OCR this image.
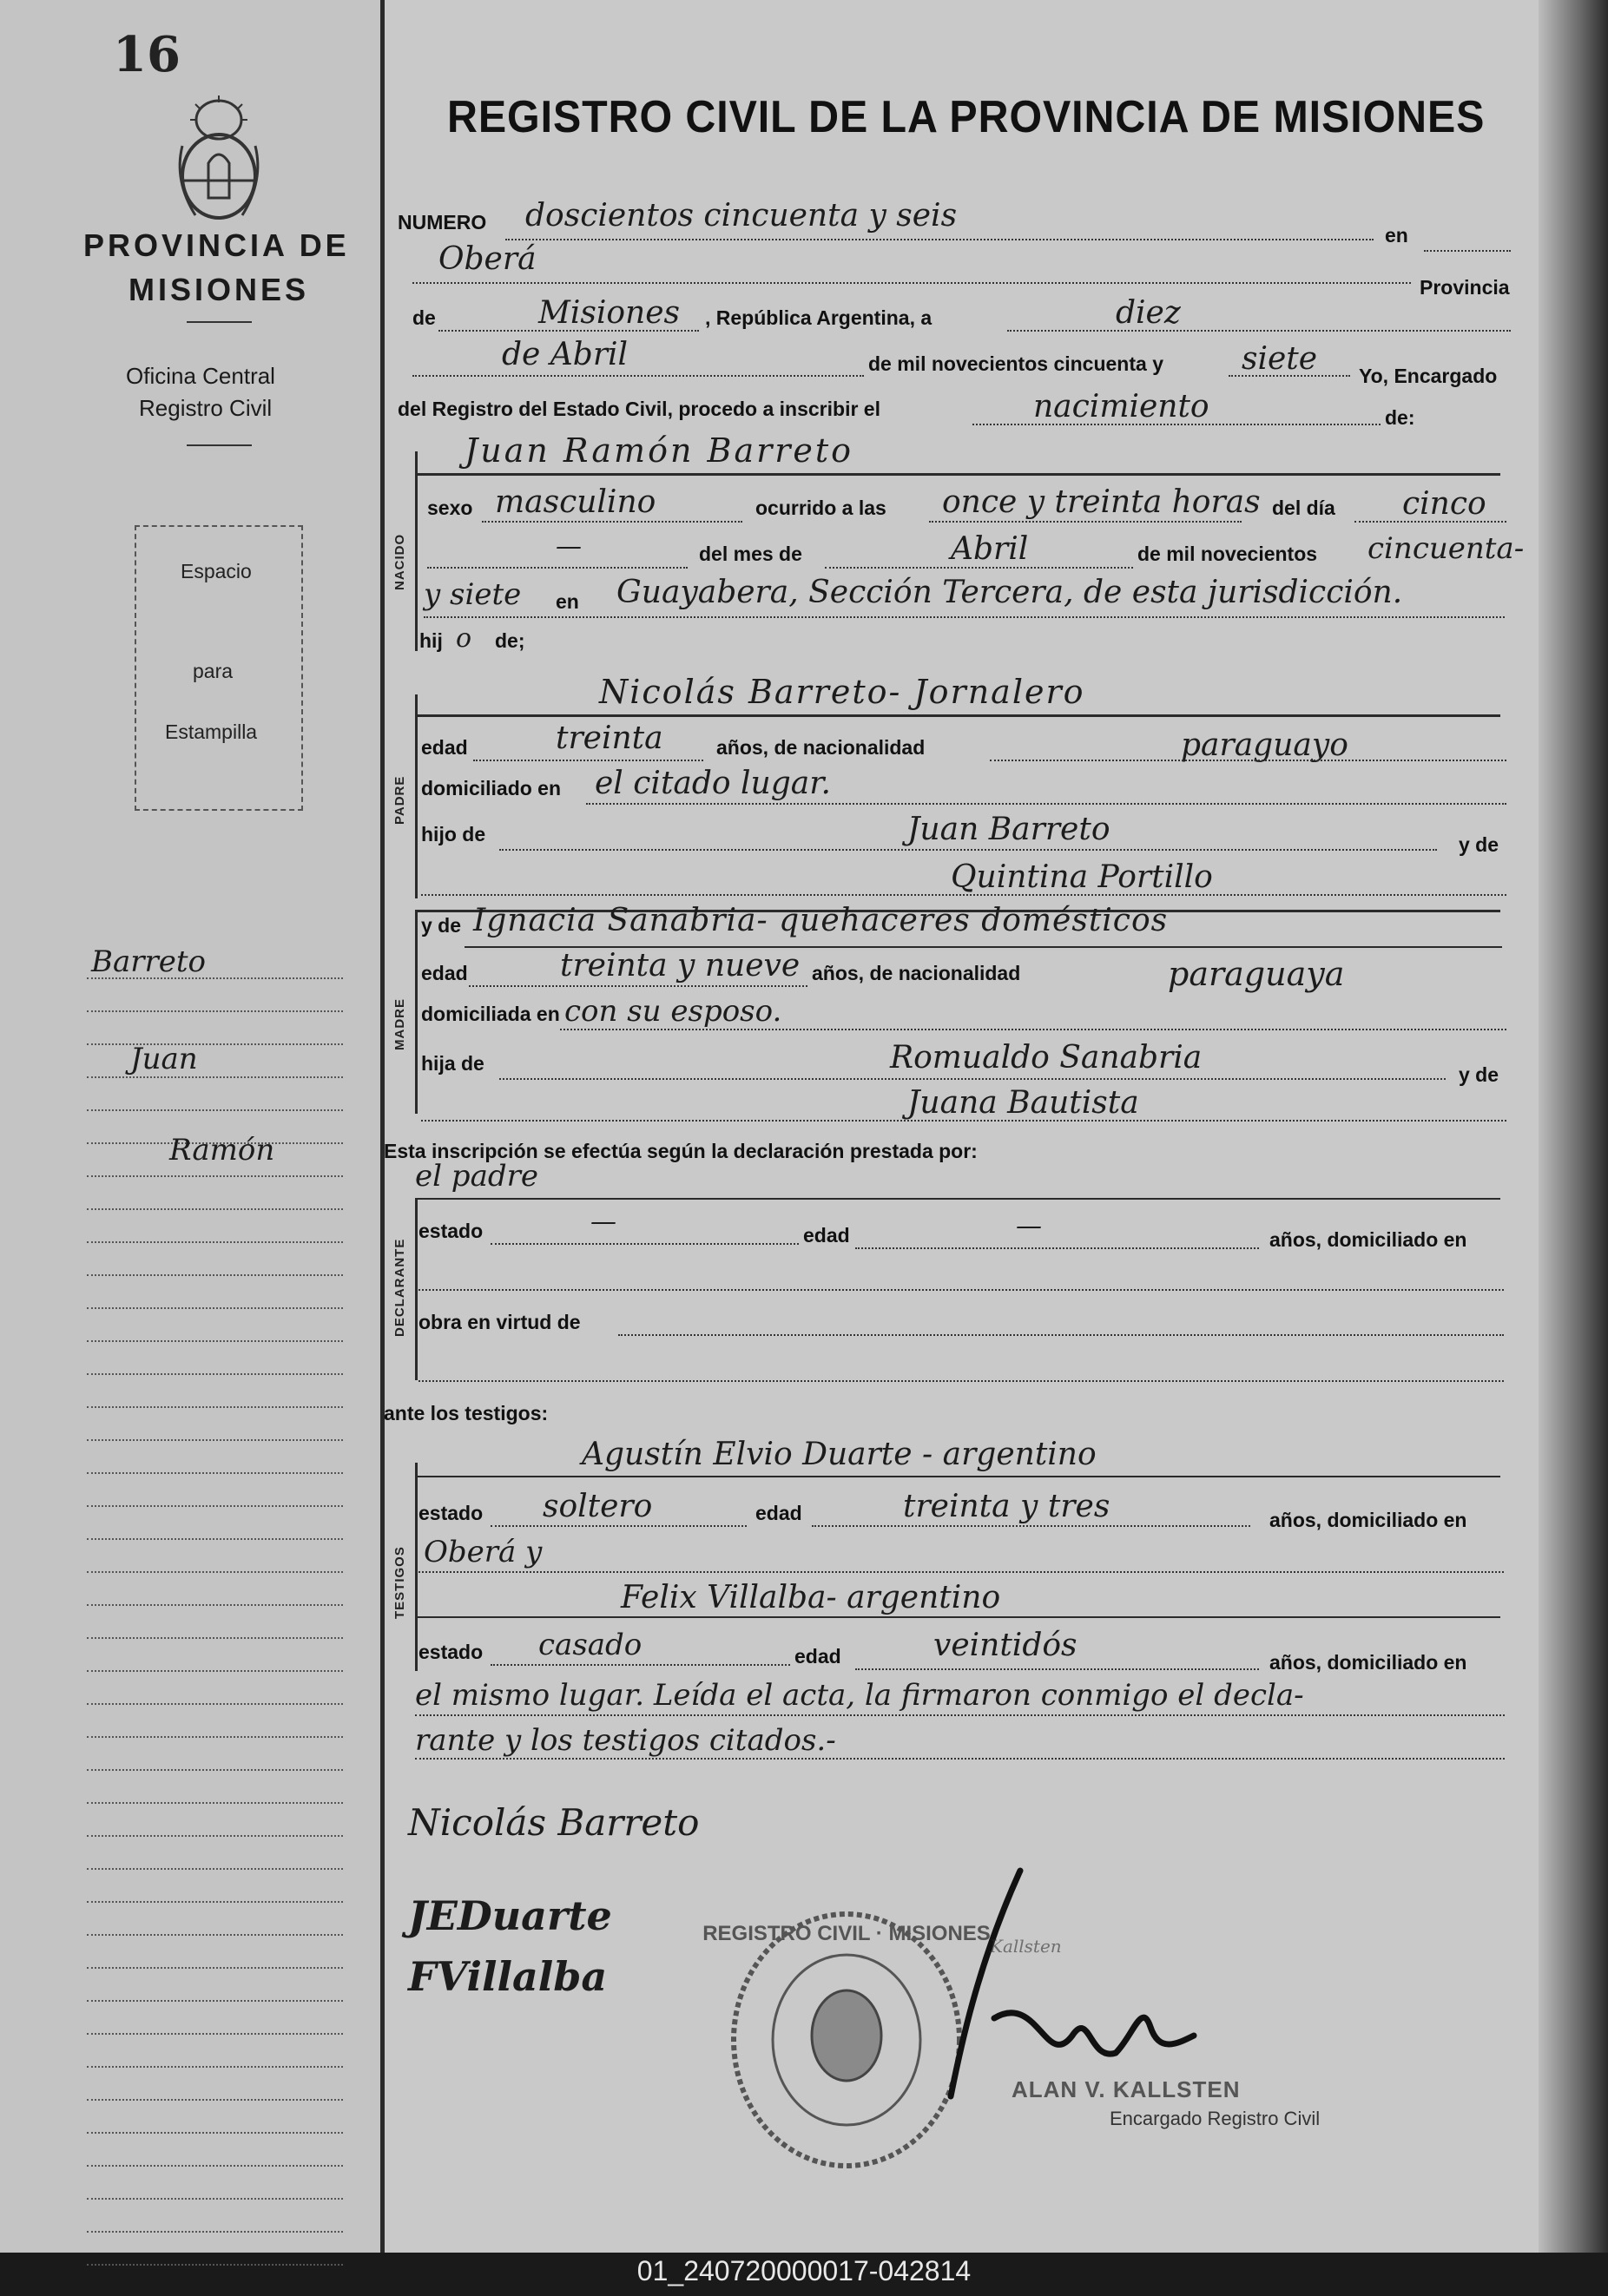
16
PROVINCIA DE
MISIONES
Oficina Central
Registro Civil
Espacio
para
Estampilla
Barreto
Juan
Ramón
REGISTRO CIVIL DE LA PROVINCIA DE MISIONES
NUMERO doscientos cincuenta y seis
en
Oberá
Provincia
de	Misiones , República Argentina, a	diez
de Abril	de mil novecientos cincuenta y	siete Yo, Encargado
del Registro del Estado Civil, procedo a inscribir el	nacimiento	de:
Juan Ramón Barreto
NACIDO
sexo masculino	ocurrido a las once y treinta horas del día cinco
—	del mes de	Abril	de mil novecientos cincuenta-
y siete en Guayabera, Sección Tercera, de esta jurisdicción.
hij o de;
Nicolás Barreto- Jornalero
PADRE
edad	treinta	años, de nacionalidad	paraguayo
domiciliado en el citado lugar.
hijo de	Juan Barreto	y de
Quintina Portillo
MADRE
y de Ignacia Sanabria- quehaceres domésticos
edad	treinta y nueve años, de nacionalidad	paraguaya
domiciliada en con su esposo.
hija de	Romualdo Sanabria	y de
Juana Bautista
Esta inscripción se efectúa según la declaración prestada por:
el padre
DECLARANTE
estado	—	edad	—	años, domiciliado en
obra en virtud de
ante los testigos:
Agustín Elvio Duarte - argentino
TESTIGOS
estado soltero	edad	treinta y tres	años, domiciliado en
Oberá y
Felix Villalba- argentino
estado casado	edad	veintidós	años, domiciliado en
el mismo lugar. Leída el acta, la firmaron conmigo el decla-
rante y los testigos citados.-
Nicolás Barreto
JEDuarte
FVillalba
REGISTRO CIVIL · MISIONES
Kallsten
ALAN V. KALLSTEN
Encargado Registro Civil
01_240720000017-042814
